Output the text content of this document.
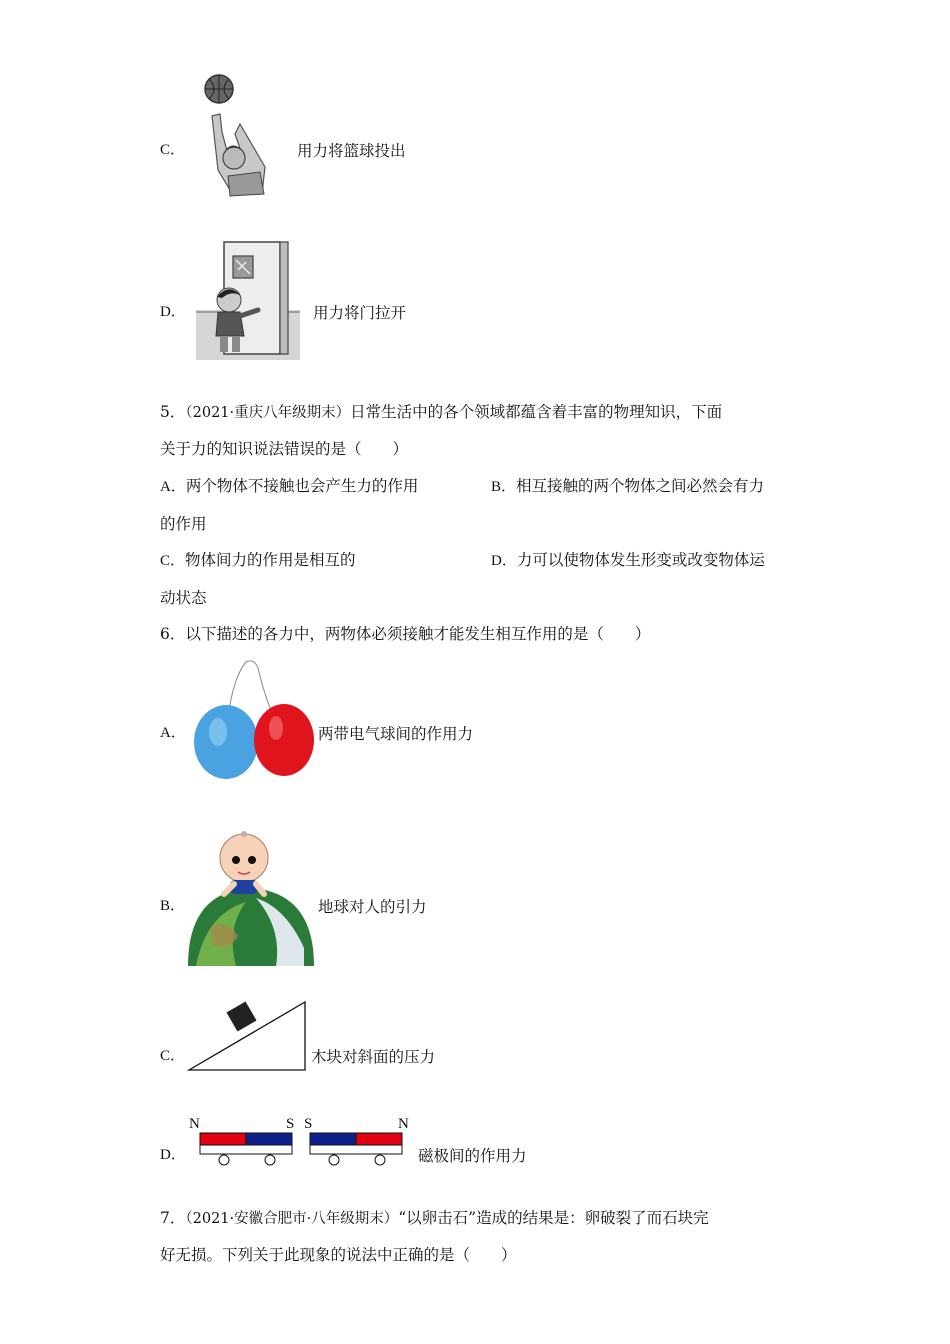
C．	用力将篮球投出
D．	用力将门拉开
5．（2021·重庆八年级期末）日常生活中的各个领域都蕴含着丰富的物理知识，下面
关于力的知识说法错误的是（　　）
A．两个物体不接触也会产生力的作用	B．相互接触的两个物体之间必然会有力
的作用
C．物体间力的作用是相互的	D．力可以使物体发生形变或改变物体运
动状态
6．以下描述的各力中，两物体必须接触才能发生相互作用的是（　　）
A．	两带电气球间的作用力
B．	地球对人的引力
C．	木块对斜面的压力
D．
N	S S	N
磁极间的作用力
7．（2021·安徽合肥市·八年级期末）“以卵击石”造成的结果是：卵破裂了而石块完
好无损。下列关于此现象的说法中正确的是（　　）
